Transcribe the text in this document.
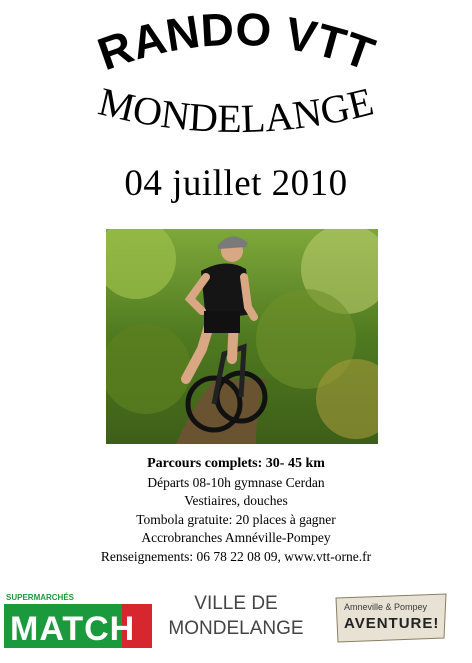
RANDO VTT
MONDELANGE
04 juillet 2010
Parcours complets: 30- 45 km
Départs 08-10h gymnase Cerdan
Vestiaires, douches
Tombola gratuite: 20 places à gagner
Accrobranches Amnéville-Pompey
Renseignements: 06 78 22 08 09, www.vtt-orne.fr
SUPERMARCHÉS
MATCH
VILLE DE
MONDELANGE
Amneville & Pompey
AVENTURE!
